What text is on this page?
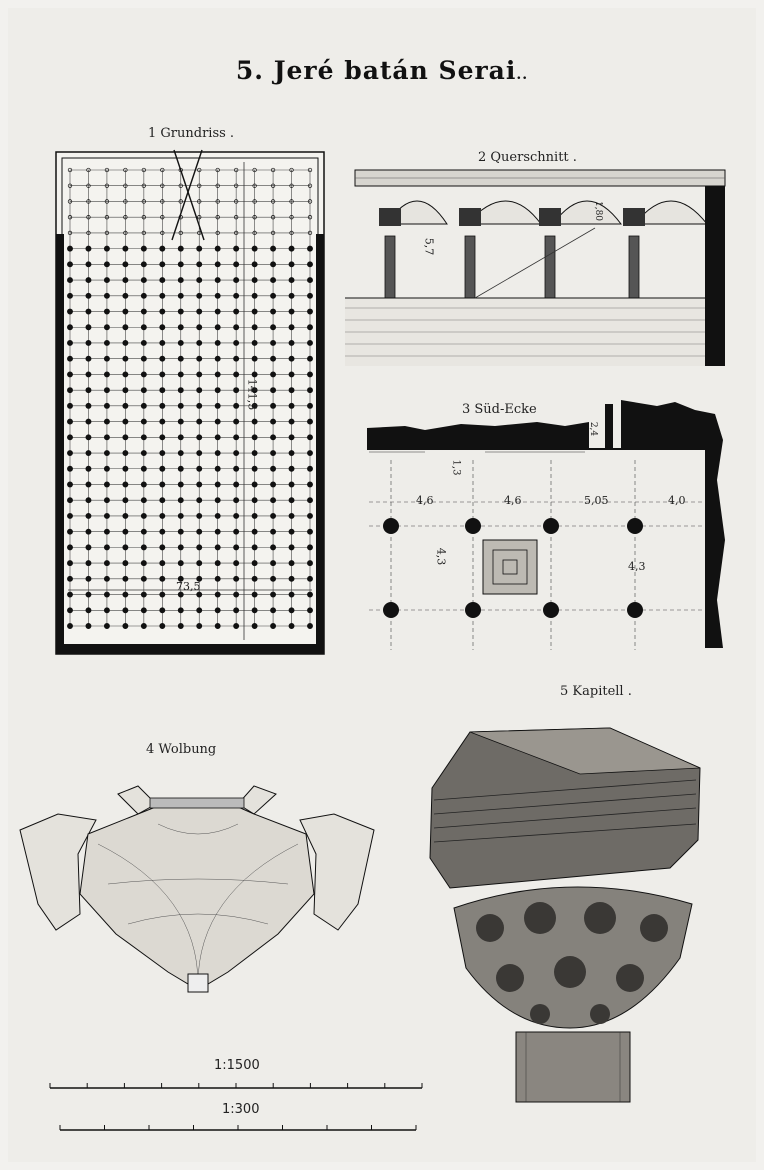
5. Jeré batán Serai..
1 Grundriss .
141,5
73,5
2 Querschnitt .
5,7
1,80
3 Süd-Ecke
4,6	4,6	5,05	4,0
4,3
4,3
1,3
2,4
5 Kapitell .
4 Wolbung
1:1500
1:300
